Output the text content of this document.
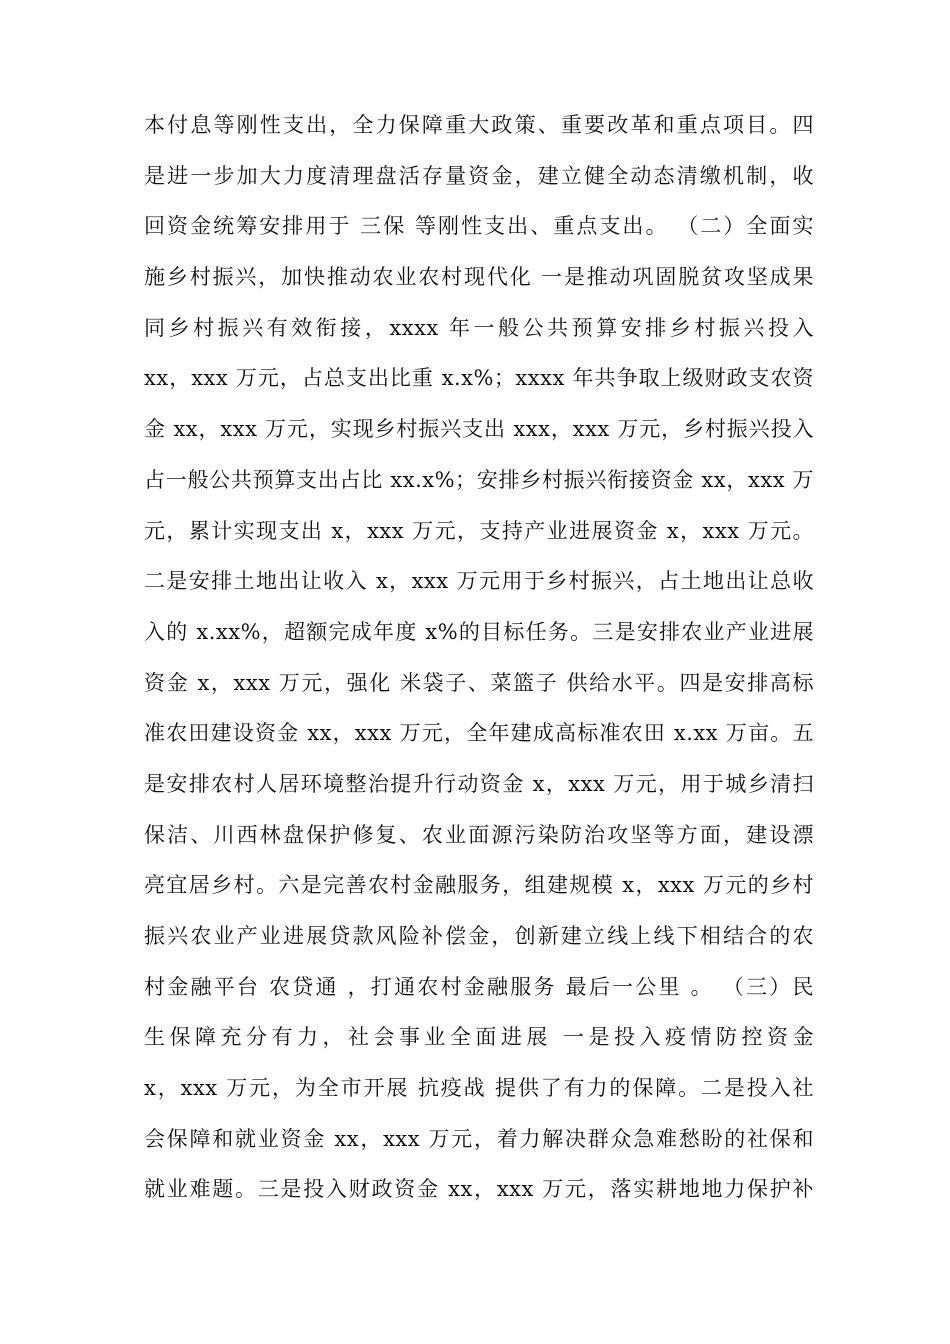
本付息等刚性支出，全力保障重大政策、重要改革和重点项目。四
是进一步加大力度清理盘活存量资金，建立健全动态清缴机制，收
回资金统筹安排用于 三保 等刚性支出、重点支出。 （二）全面实
施乡村振兴，加快推动农业农村现代化 一是推动巩固脱贫攻坚成果
同乡村振兴有效衔接，xxxx 年一般公共预算安排乡村振兴投入
xx，xxx 万元，占总支出比重 x.x%；xxxx 年共争取上级财政支农资
金 xx，xxx 万元，实现乡村振兴支出 xxx，xxx 万元，乡村振兴投入
占一般公共预算支出占比 xx.x%；安排乡村振兴衔接资金 xx，xxx 万
元，累计实现支出 x，xxx 万元，支持产业进展资金 x，xxx 万元。
二是安排土地出让收入 x，xxx 万元用于乡村振兴，占土地出让总收
入的 x.xx%，超额完成年度 x%的目标任务。三是安排农业产业进展
资金 x，xxx 万元，强化 米袋子、菜篮子 供给水平。四是安排高标
准农田建设资金 xx，xxx 万元，全年建成高标准农田 x.xx 万亩。五
是安排农村人居环境整治提升行动资金 x，xxx 万元，用于城乡清扫
保洁、川西林盘保护修复、农业面源污染防治攻坚等方面，建设漂
亮宜居乡村。六是完善农村金融服务，组建规模 x，xxx 万元的乡村
振兴农业产业进展贷款风险补偿金，创新建立线上线下相结合的农
村金融平台 农贷通 ，打通农村金融服务 最后一公里 。 （三）民
生保障充分有力，社会事业全面进展 一是投入疫情防控资金
x，xxx 万元，为全市开展 抗疫战 提供了有力的保障。二是投入社
会保障和就业资金 xx，xxx 万元，着力解决群众急难愁盼的社保和
就业难题。三是投入财政资金 xx，xxx 万元，落实耕地地力保护补
